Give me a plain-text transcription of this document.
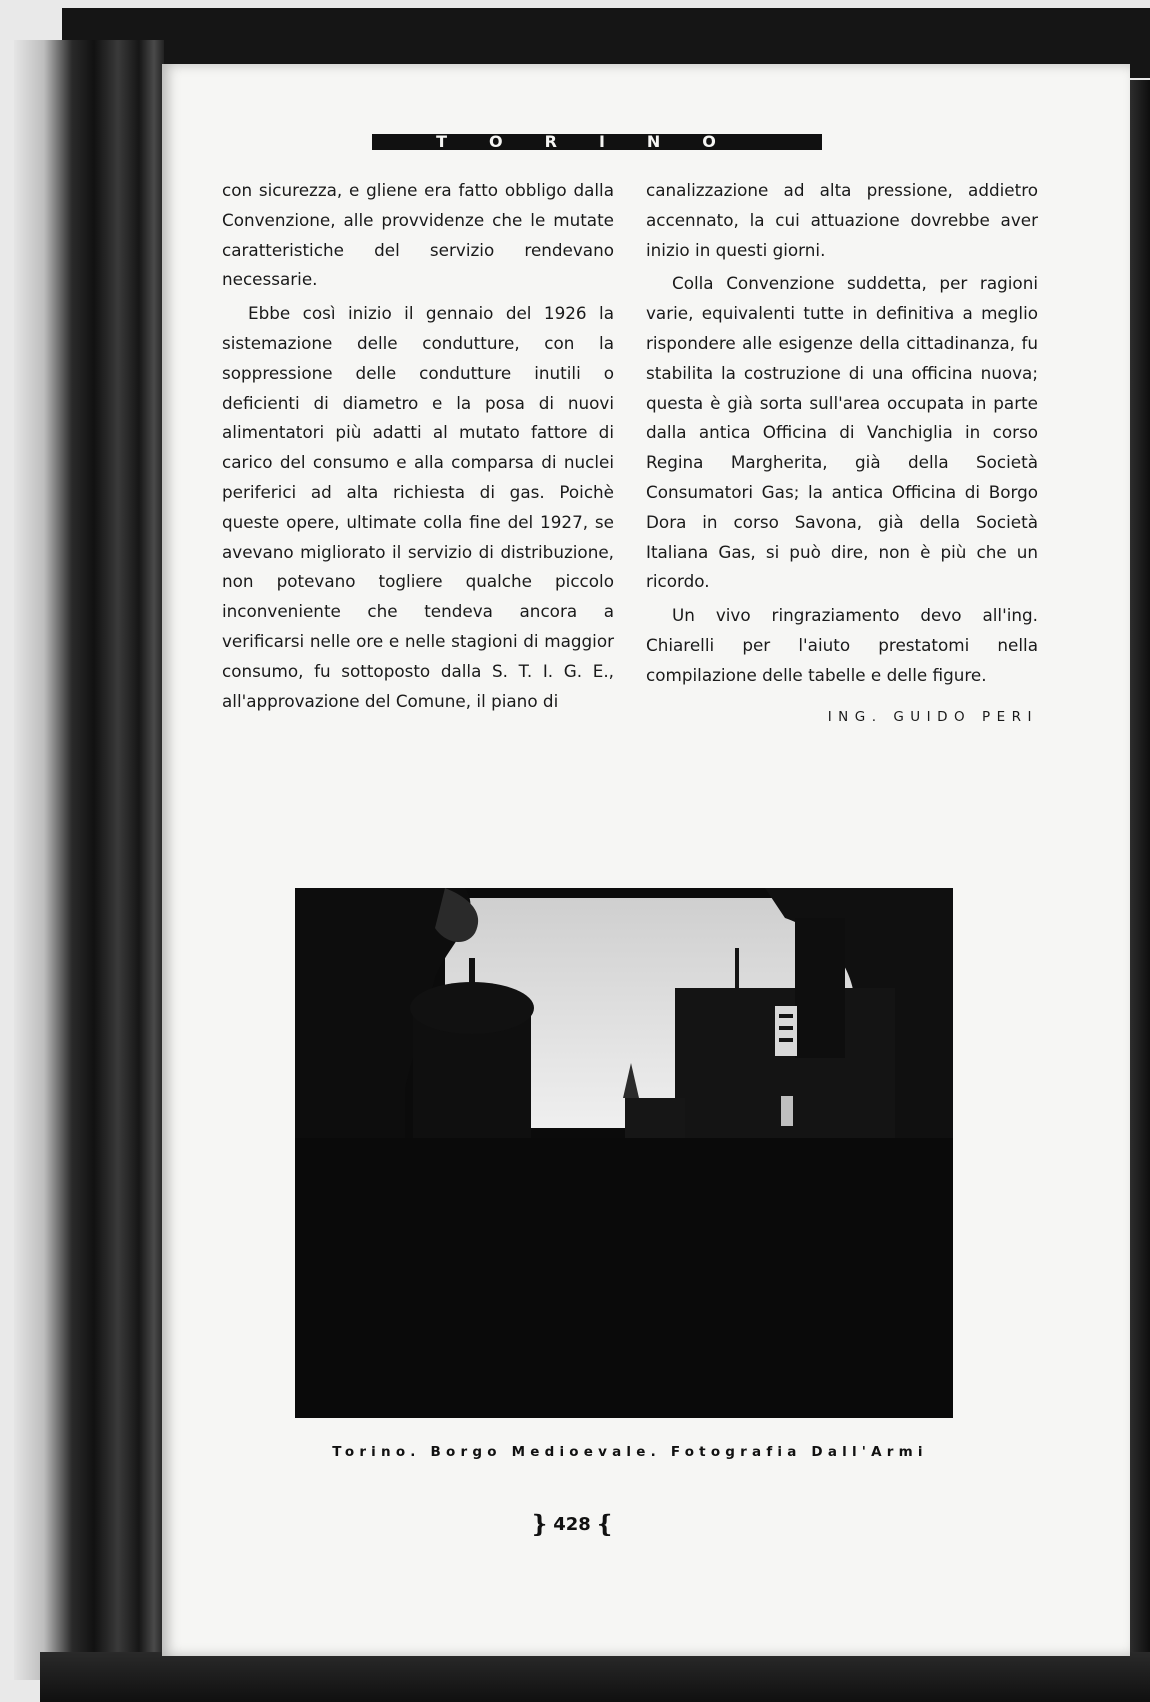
TORINO

con sicurezza, e gliene era fatto obbligo dalla Convenzione, alle provvidenze che le mutate caratteristiche del servizio rendevano necessarie.

Ebbe così inizio il gennaio del 1926 la sistemazione delle condutture, con la soppressione delle condutture inutili o deficienti di diametro e la posa di nuovi alimentatori più adatti al mutato fattore di carico del consumo e alla comparsa di nuclei periferici ad alta richiesta di gas. Poichè queste opere, ultimate colla fine del 1927, se avevano migliorato il servizio di distribuzione, non potevano togliere qualche piccolo inconveniente che tendeva ancora a verificarsi nelle ore e nelle stagioni di maggior consumo, fu sottoposto dalla S. T. I. G. E., all'approvazione del Comune, il piano di

canalizzazione ad alta pressione, addietro accennato, la cui attuazione dovrebbe aver inizio in questi giorni.

Colla Convenzione suddetta, per ragioni varie, equivalenti tutte in definitiva a meglio rispondere alle esigenze della cittadinanza, fu stabilita la costruzione di una officina nuova; questa è già sorta sull'area occupata in parte dalla antica Officina di Vanchiglia in corso Regina Margherita, già della Società Consumatori Gas; la antica Officina di Borgo Dora in corso Savona, già della Società Italiana Gas, si può dire, non è più che un ricordo.

Un vivo ringraziamento devo all'ing. Chiarelli per l'aiuto prestatomi nella compilazione delle tabelle e delle figure.

ING. GUIDO PERI
Torino. Borgo Medioevale. Fotografia Dall'Armi
❵ 428 ❴
